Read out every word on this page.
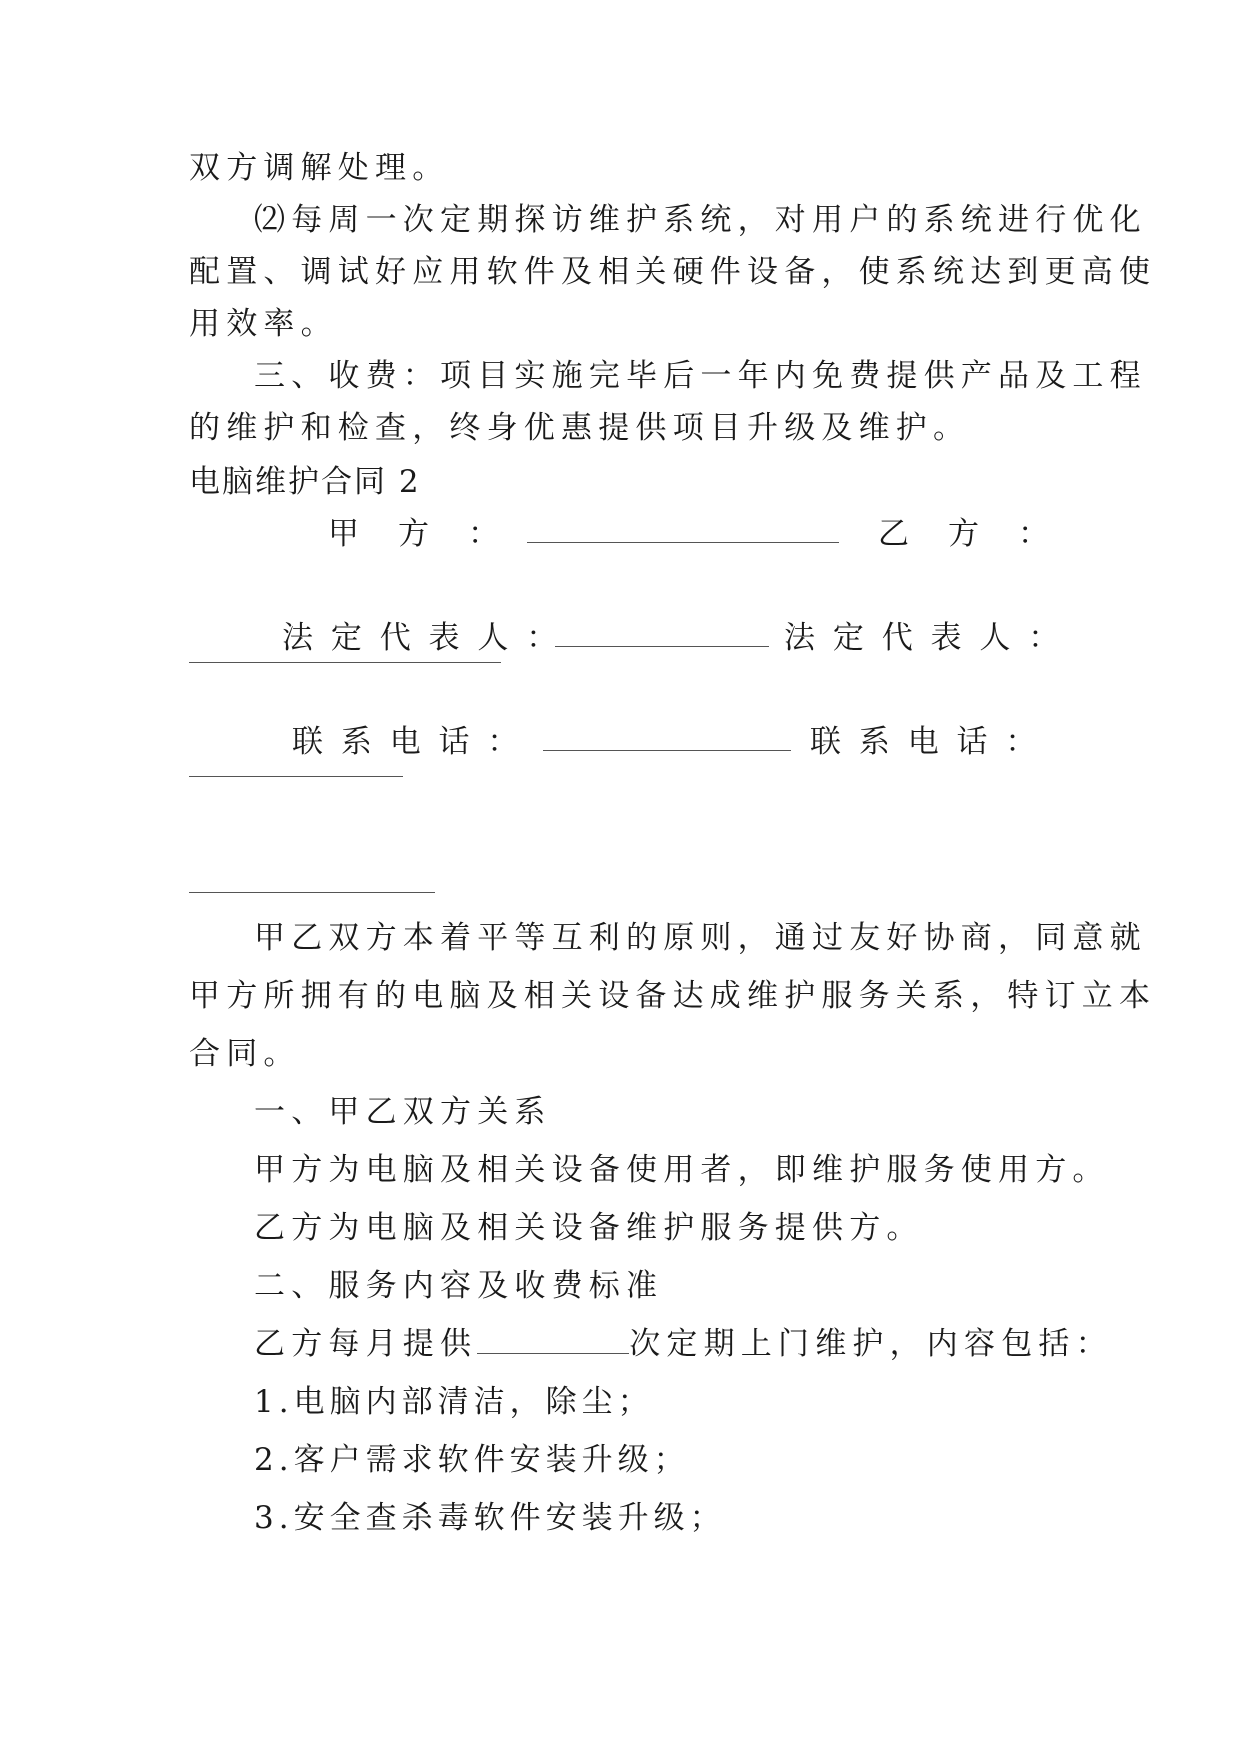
双方调解处理。
⑵每周一次定期探访维护系统，对用户的系统进行优化
配置、调试好应用软件及相关硬件设备，使系统达到更高使
用效率。
三、收费：项目实施完毕后一年内免费提供产品及工程
的维护和检查，终身优惠提供项目升级及维护。
电脑维护合同 2
甲　方　：	乙　方　：
法 定 代 表 人 ：	法 定 代 表 人 ：
联 系 电 话 ：	联 系 电 话 ：
甲乙双方本着平等互利的原则，通过友好协商，同意就
甲方所拥有的电脑及相关设备达成维护服务关系，特订立本
合同。
一、甲乙双方关系
甲方为电脑及相关设备使用者，即维护服务使用方。
乙方为电脑及相关设备维护服务提供方。
二、服务内容及收费标准
乙方每月提供	次定期上门维护，内容包括：
1.电脑内部清洁，除尘；
2.客户需求软件安装升级；
3.安全查杀毒软件安装升级；
